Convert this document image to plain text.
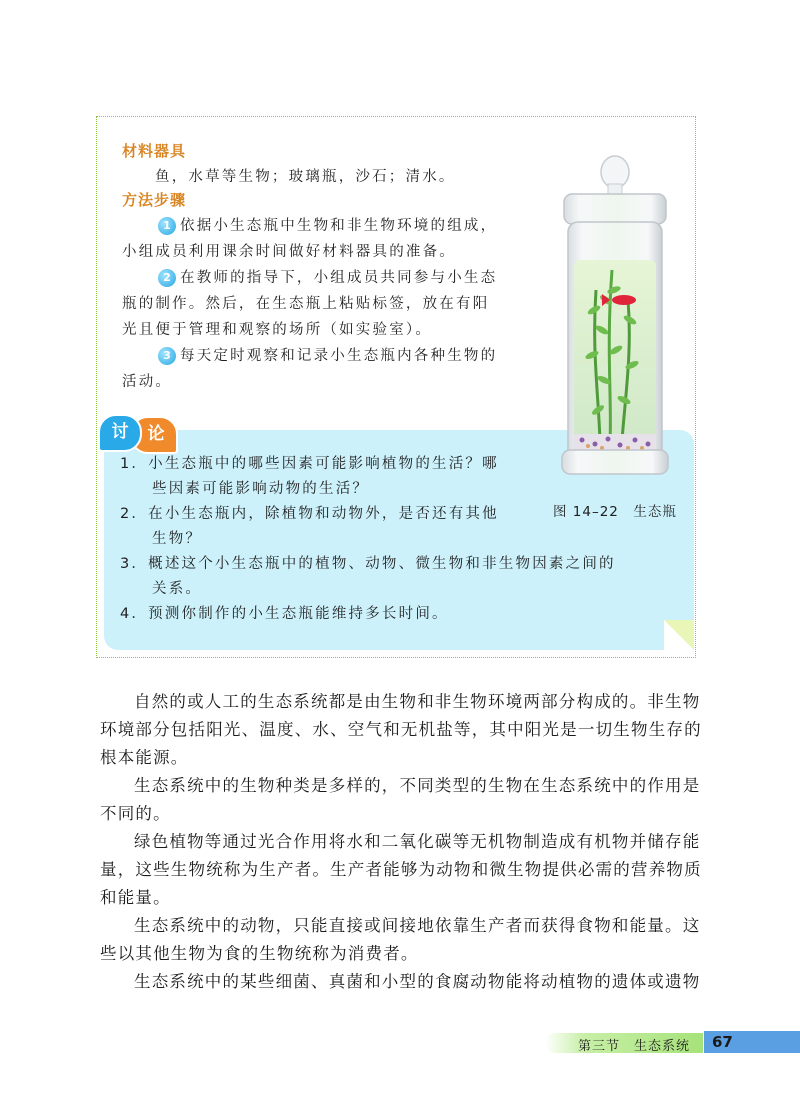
材料器具
鱼，水草等生物；玻璃瓶，沙石；清水。
方法步骤
1 依据小生态瓶中生物和非生物环境的组成，
小组成员利用课余时间做好材料器具的准备。
2 在教师的指导下，小组成员共同参与小生态
瓶的制作。然后，在生态瓶上粘贴标签，放在有阳
光且便于管理和观察的场所（如实验室）。
3 每天定时观察和记录小生态瓶内各种生物的
活动。
论
讨
1．小生态瓶中的哪些因素可能影响植物的生活？哪
些因素可能影响动物的生活？
2．在小生态瓶内，除植物和动物外，是否还有其他
生物？
3．概述这个小生态瓶中的植物、动物、微生物和非生物因素之间的
关系。
4．预测你制作的小生态瓶能维持多长时间。
图 14–22　生态瓶
自然的或人工的生态系统都是由生物和非生物环境两部分构成的。非生物
环境部分包括阳光、温度、水、空气和无机盐等，其中阳光是一切生物生存的
根本能源。
生态系统中的生物种类是多样的，不同类型的生物在生态系统中的作用是
不同的。
绿色植物等通过光合作用将水和二氧化碳等无机物制造成有机物并储存能
量，这些生物统称为生产者。生产者能够为动物和微生物提供必需的营养物质
和能量。
生态系统中的动物，只能直接或间接地依靠生产者而获得食物和能量。这
些以其他生物为食的生物统称为消费者。
生态系统中的某些细菌、真菌和小型的食腐动物能将动植物的遗体或遗物
第三节　生态系统 67
